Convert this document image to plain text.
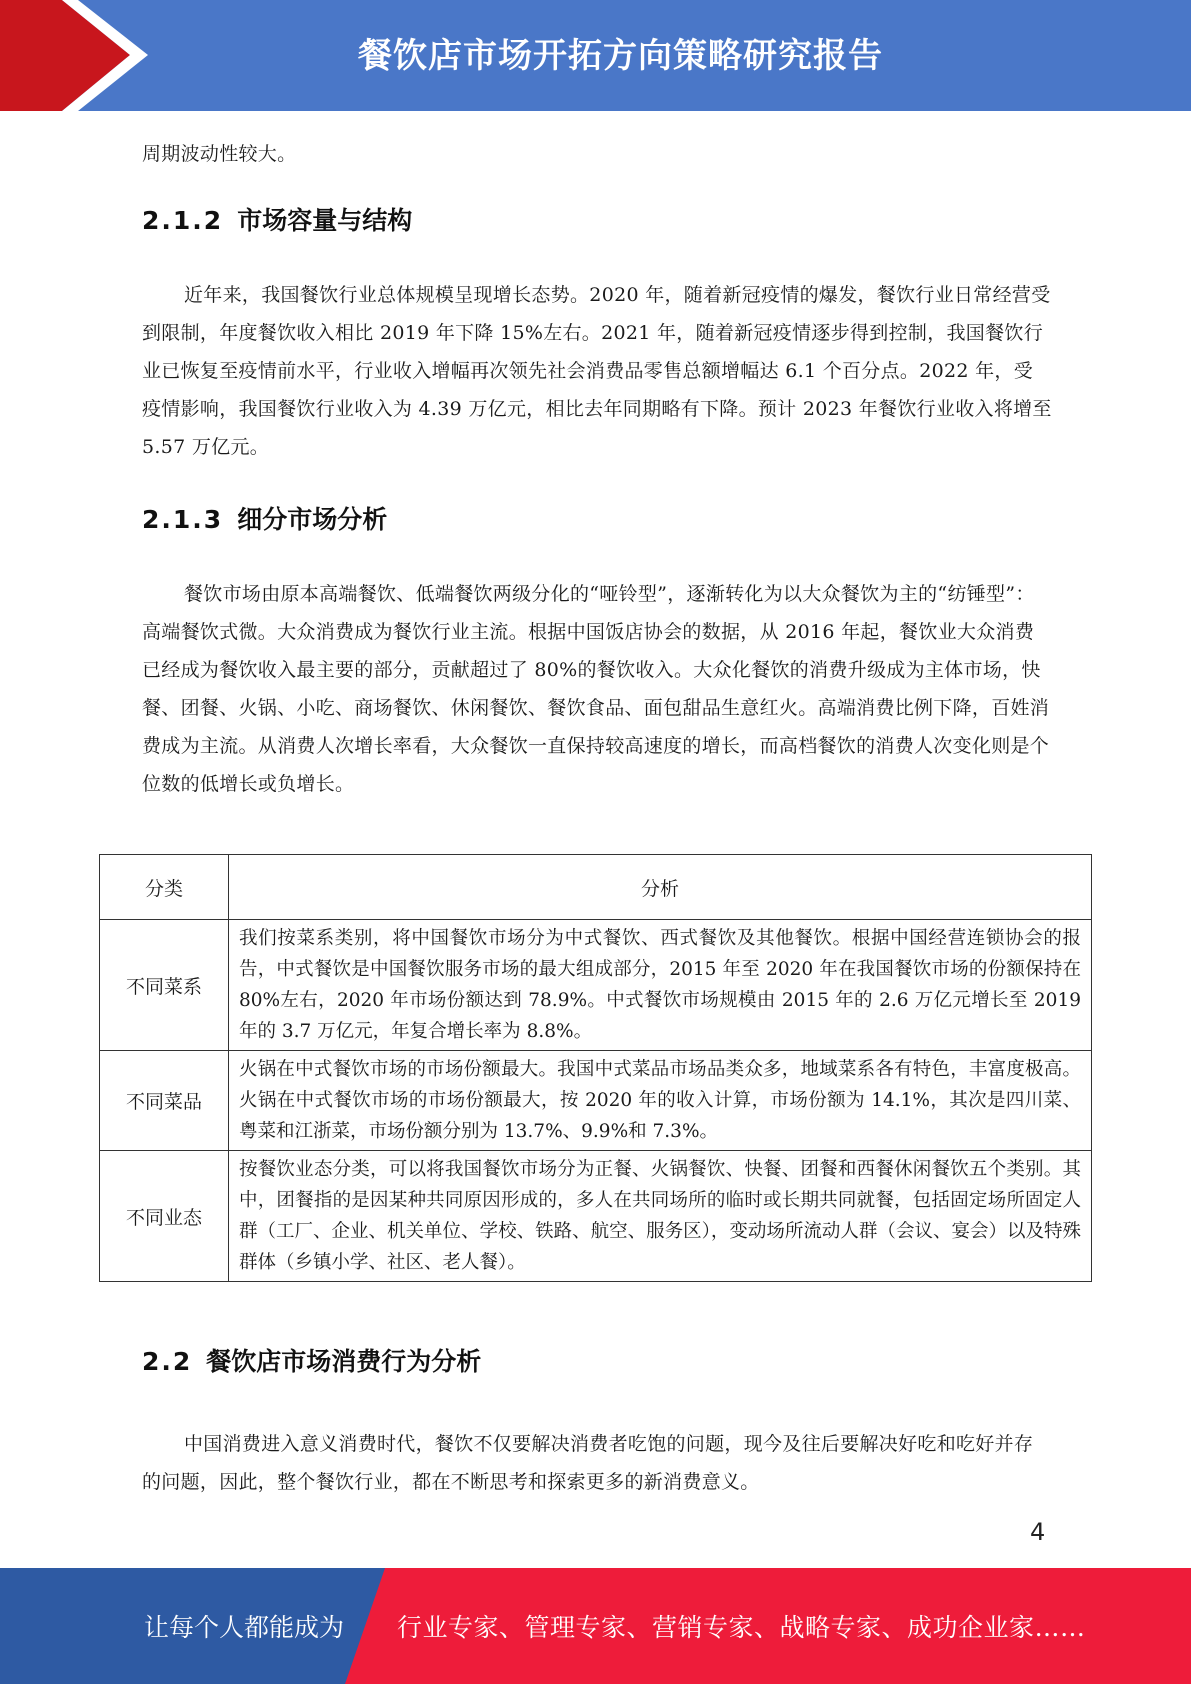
餐饮店市场开拓方向策略研究报告

周期波动性较大。

2.1.2 市场容量与结构

近年来，我国餐饮行业总体规模呈现增长态势。2020 年，随着新冠疫情的爆发，餐饮行业日常经营受到限制，年度餐饮收入相比 2019 年下降 15%左右。2021 年，随着新冠疫情逐步得到控制，我国餐饮行业已恢复至疫情前水平，行业收入增幅再次领先社会消费品零售总额增幅达 6.1 个百分点。2022 年，受疫情影响，我国餐饮行业收入为 4.39 万亿元，相比去年同期略有下降。预计 2023 年餐饮行业收入将增至 5.57 万亿元。

2.1.3 细分市场分析

餐饮市场由原本高端餐饮、低端餐饮两级分化的“哑铃型”，逐渐转化为以大众餐饮为主的“纺锤型”：高端餐饮式微。大众消费成为餐饮行业主流。根据中国饭店协会的数据，从 2016 年起，餐饮业大众消费已经成为餐饮收入最主要的部分，贡献超过了 80%的餐饮收入。大众化餐饮的消费升级成为主体市场，快餐、团餐、火锅、小吃、商场餐饮、休闲餐饮、餐饮食品、面包甜品生意红火。高端消费比例下降，百姓消费成为主流。从消费人次增长率看，大众餐饮一直保持较高速度的增长，而高档餐饮的消费人次变化则是个位数的低增长或负增长。

分类	分析
不同菜系	我们按菜系类别，将中国餐饮市场分为中式餐饮、西式餐饮及其他餐饮。根据中国经营连锁协会的报告，中式餐饮是中国餐饮服务市场的最大组成部分，2015 年至 2020 年在我国餐饮市场的份额保持在 80%左右，2020 年市场份额达到 78.9%。中式餐饮市场规模由 2015 年的 2.6 万亿元增长至 2019 年的 3.7 万亿元，年复合增长率为 8.8%。
不同菜品	火锅在中式餐饮市场的市场份额最大。我国中式菜品市场品类众多，地域菜系各有特色，丰富度极高。火锅在中式餐饮市场的市场份额最大，按 2020 年的收入计算，市场份额为 14.1%，其次是四川菜、粤菜和江浙菜，市场份额分别为 13.7%、9.9%和 7.3%。
不同业态	按餐饮业态分类，可以将我国餐饮市场分为正餐、火锅餐饮、快餐、团餐和西餐休闲餐饮五个类别。其中，团餐指的是因某种共同原因形成的，多人在共同场所的临时或长期共同就餐，包括固定场所固定人群（工厂、企业、机关单位、学校、铁路、航空、服务区），变动场所流动人群（会议、宴会）以及特殊群体（乡镇小学、社区、老人餐）。
2.2 餐饮店市场消费行为分析

中国消费进入意义消费时代，餐饮不仅要解决消费者吃饱的问题，现今及往后要解决好吃和吃好并存的问题，因此，整个餐饮行业，都在不断思考和探索更多的新消费意义。

4
让每个人都能成为 行业专家、管理专家、营销专家、战略专家、成功企业家……
